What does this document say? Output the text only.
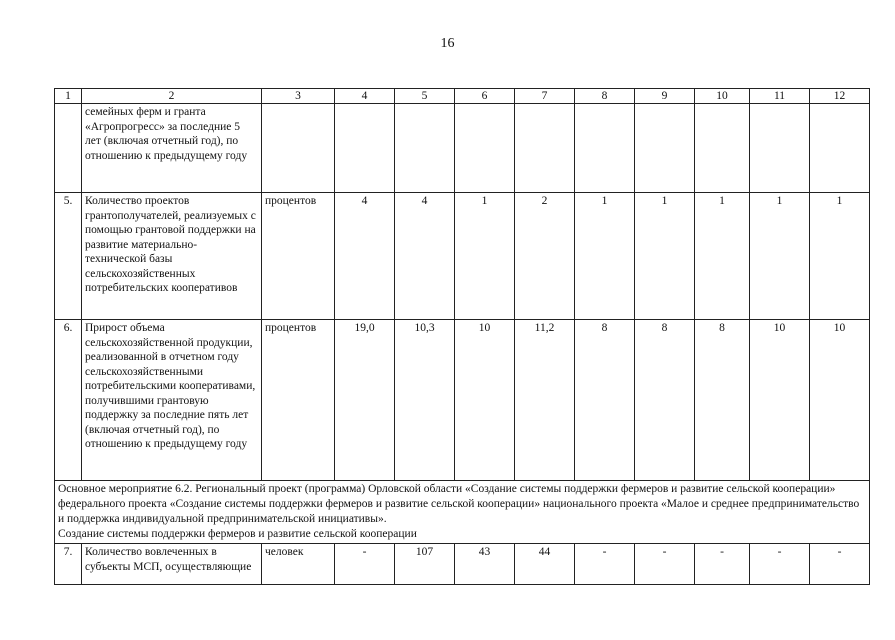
16
1	2	3	4	5	6	7	8	9	10	11	12
	семейных ферм и гранта «Агропрогресс» за последние 5 лет (включая отчетный год), по отношению к предыдущему году										
5.	Количество проектов грантополучателей, реализуемых с помощью грантовой поддержки на развитие материально-технической базы сельскохозяйственных потребительских кооперативов	процентов	4	4	1	2	1	1	1	1	1
6.	Прирост объема сельскохозяйственной продукции, реализованной в отчетном году сельскохозяйственными потребительскими кооперативами, получившими грантовую поддержку за последние пять лет (включая отчетный год), по отношению к предыдущему году	процентов	19,0	10,3	10	11,2	8	8	8	10	10

Основное мероприятие 6.2. Региональный проект (программа) Орловской области «Создание системы поддержки фермеров и развитие сельской кооперации» федерального проекта «Создание системы поддержки фермеров и развитие сельской кооперации» национального проекта «Малое и среднее предпринимательство и поддержка индивидуальной предпринимательской инициативы».
Создание системы поддержки фермеров и развитие сельской кооперации											

7.	Количество вовлеченных в субъекты МСП, осуществляющие	человек	-	107	43	44	-	-	-	-	-
